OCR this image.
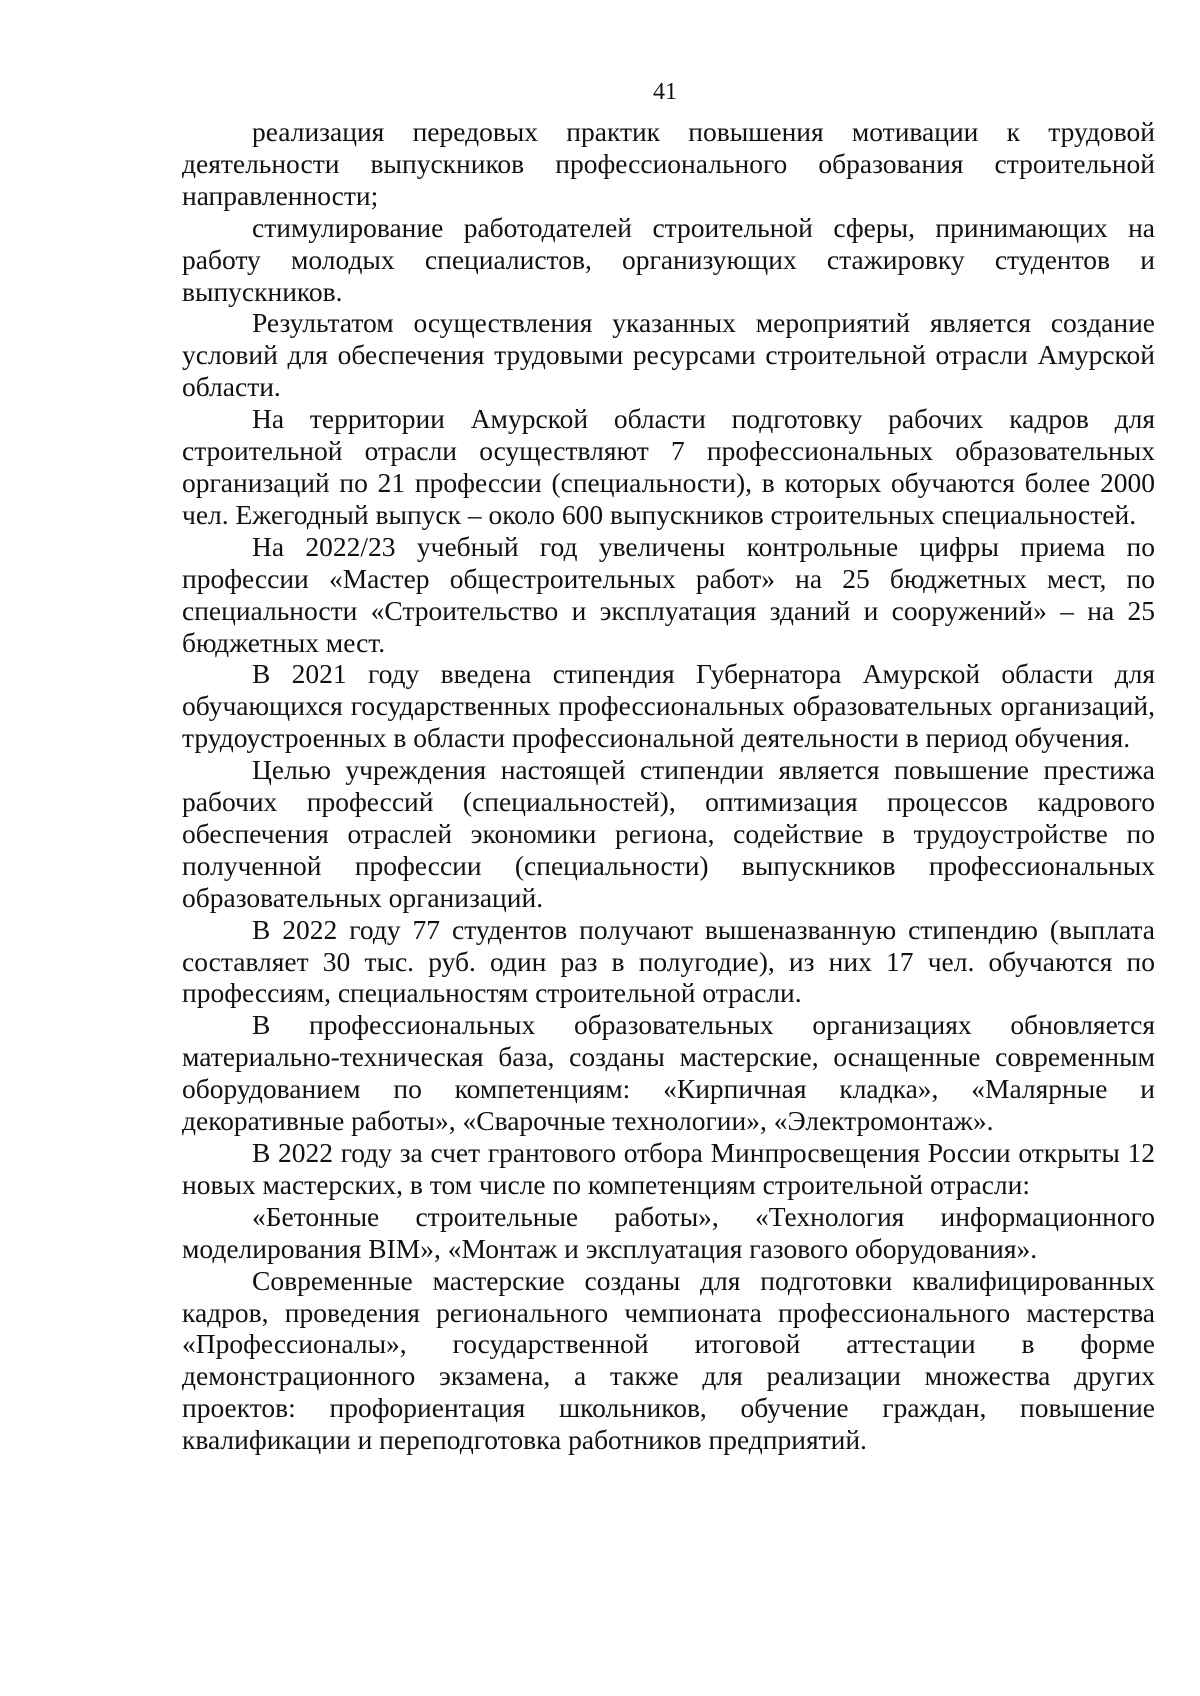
41

реализация передовых практик повышения мотивации к трудовой деятельности выпускников профессионального образования строительной направленности;

стимулирование работодателей строительной сферы, принимающих на работу молодых специалистов, организующих стажировку студентов и выпускников.

Результатом осуществления указанных мероприятий является создание условий для обеспечения трудовыми ресурсами строительной отрасли Амурской области.

На территории Амурской области подготовку рабочих кадров для строительной отрасли осуществляют 7 профессиональных образовательных организаций по 21 профессии (специальности), в которых обучаются более 2000 чел. Ежегодный выпуск – около 600 выпускников строительных специальностей.

На 2022/23 учебный год увеличены контрольные цифры приема по профессии «Мастер общестроительных работ» на 25 бюджетных мест, по специальности «Строительство и эксплуатация зданий и сооружений» – на 25 бюджетных мест.

В 2021 году введена стипендия Губернатора Амурской области для обучающихся государственных профессиональных образовательных организаций, трудоустроенных в области профессиональной деятельности в период обучения.

Целью учреждения настоящей стипендии является повышение престижа рабочих профессий (специальностей), оптимизация процессов кадрового обеспечения отраслей экономики региона, содействие в трудоустройстве по полученной профессии (специальности) выпускников профессиональных образовательных организаций.

В 2022 году 77 студентов получают вышеназванную стипендию (выплата составляет 30 тыс. руб. один раз в полугодие), из них 17 чел. обучаются по профессиям, специальностям строительной отрасли.

В профессиональных образовательных организациях обновляется материально-техническая база, созданы мастерские, оснащенные современным оборудованием по компетенциям: «Кирпичная кладка», «Малярные и декоративные работы», «Сварочные технологии», «Электромонтаж».

В 2022 году за счет грантового отбора Минпросвещения России открыты 12 новых мастерских, в том числе по компетенциям строительной отрасли:

«Бетонные строительные работы», «Технология информационного моделирования BIM», «Монтаж и эксплуатация газового оборудования».

Современные мастерские созданы для подготовки квалифицированных кадров, проведения регионального чемпионата профессионального мастерства «Профессионалы», государственной итоговой аттестации в форме демонстрационного экзамена, а также для реализации множества других проектов: профориентация школьников, обучение граждан, повышение квалификации и переподготовка работников предприятий.
